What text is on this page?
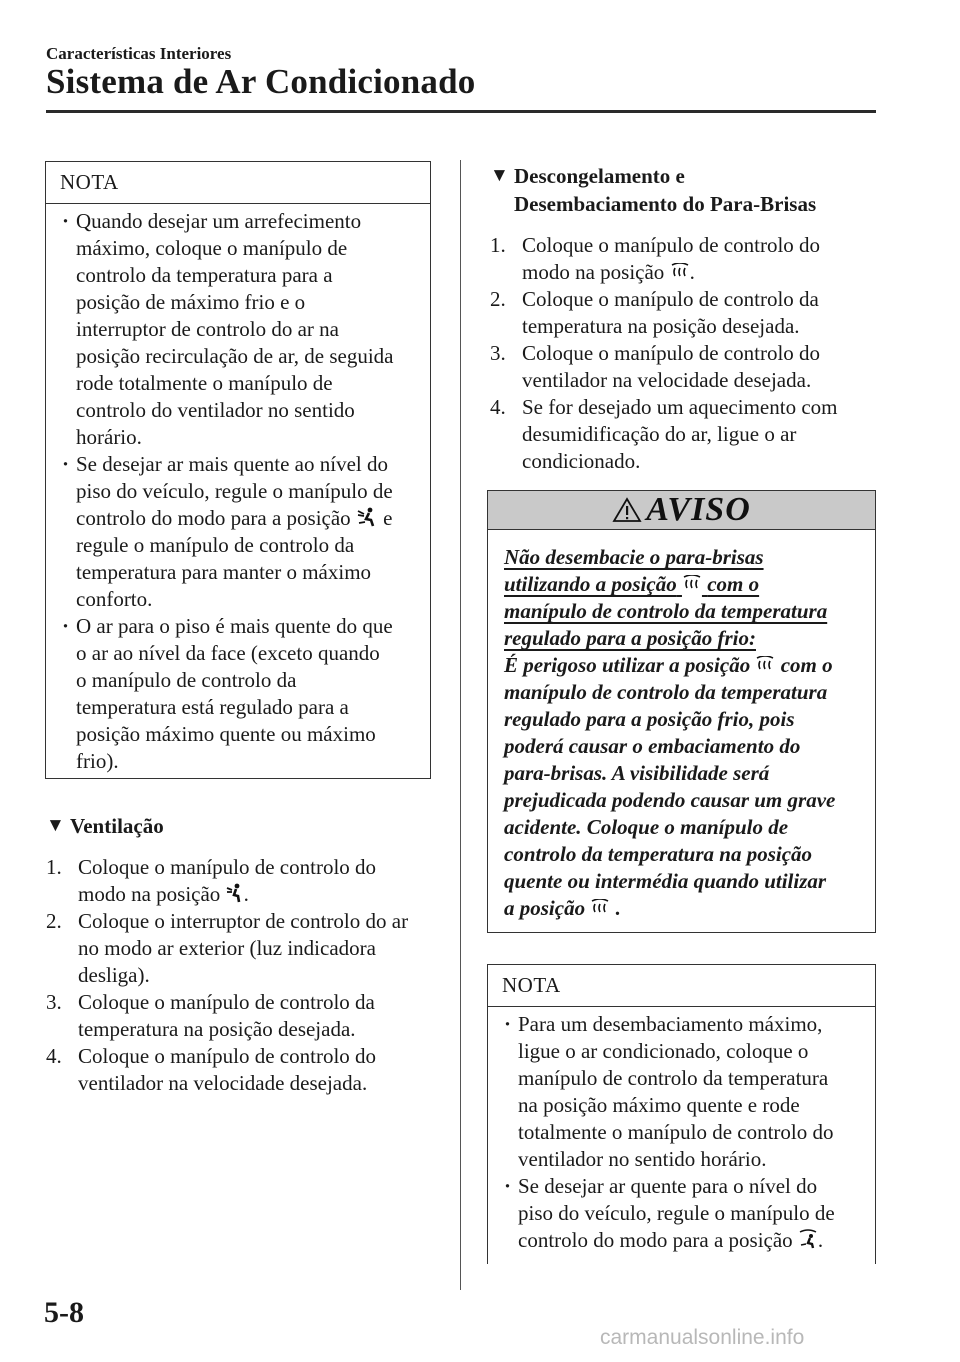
Características Interiores
Sistema de Ar Condicionado
NOTA
· Quando desejar um arrefecimento
máximo, coloque o manípulo de
controlo da temperatura para a
posição de máximo frio e o
interruptor de controlo do ar na
posição recirculação de ar, de seguida
rode totalmente o manípulo de
controlo do ventilador no sentido
horário.
· Se desejar ar mais quente ao nível do
piso do veículo, regule o manípulo de
controlo do modo para a posição e
regule o manípulo de controlo da
temperatura para manter o máximo
conforto.
· O ar para o piso é mais quente do que
o ar ao nível da face (exceto quando
o manípulo de controlo da
temperatura está regulado para a
posição máximo quente ou máximo
frio).
▼ Ventilação
1. Coloque o manípulo de controlo do
modo na posição .
2. Coloque o interruptor de controlo do ar
no modo ar exterior (luz indicadora
desliga).
3. Coloque o manípulo de controlo da
temperatura na posição desejada.
4. Coloque o manípulo de controlo do
ventilador na velocidade desejada.
▼ Descongelamento e
Desembaciamento do Para-Brisas
1. Coloque o manípulo de controlo do
modo na posição .
2. Coloque o manípulo de controlo da
temperatura na posição desejada.
3. Coloque o manípulo de controlo do
ventilador na velocidade desejada.
4. Se for desejado um aquecimento com
desumidificação do ar, ligue o ar
condicionado.
AVISO
Não desembacie o para-brisas
utilizando a posição com o
manípulo de controlo da temperatura
regulado para a posição frio:
É perigoso utilizar a posição com o
manípulo de controlo da temperatura
regulado para a posição frio, pois
poderá causar o embaciamento do
para-brisas. A visibilidade será
prejudicada podendo causar um grave
acidente. Coloque o manípulo de
controlo da temperatura na posição
quente ou intermédia quando utilizar
a posição .
NOTA
· Para um desembaciamento máximo,
ligue o ar condicionado, coloque o
manípulo de controlo da temperatura
na posição máximo quente e rode
totalmente o manípulo de controlo do
ventilador no sentido horário.
· Se desejar ar quente para o nível do
piso do veículo, regule o manípulo de
controlo do modo para a posição .
5-8
carmanualsonline.info
